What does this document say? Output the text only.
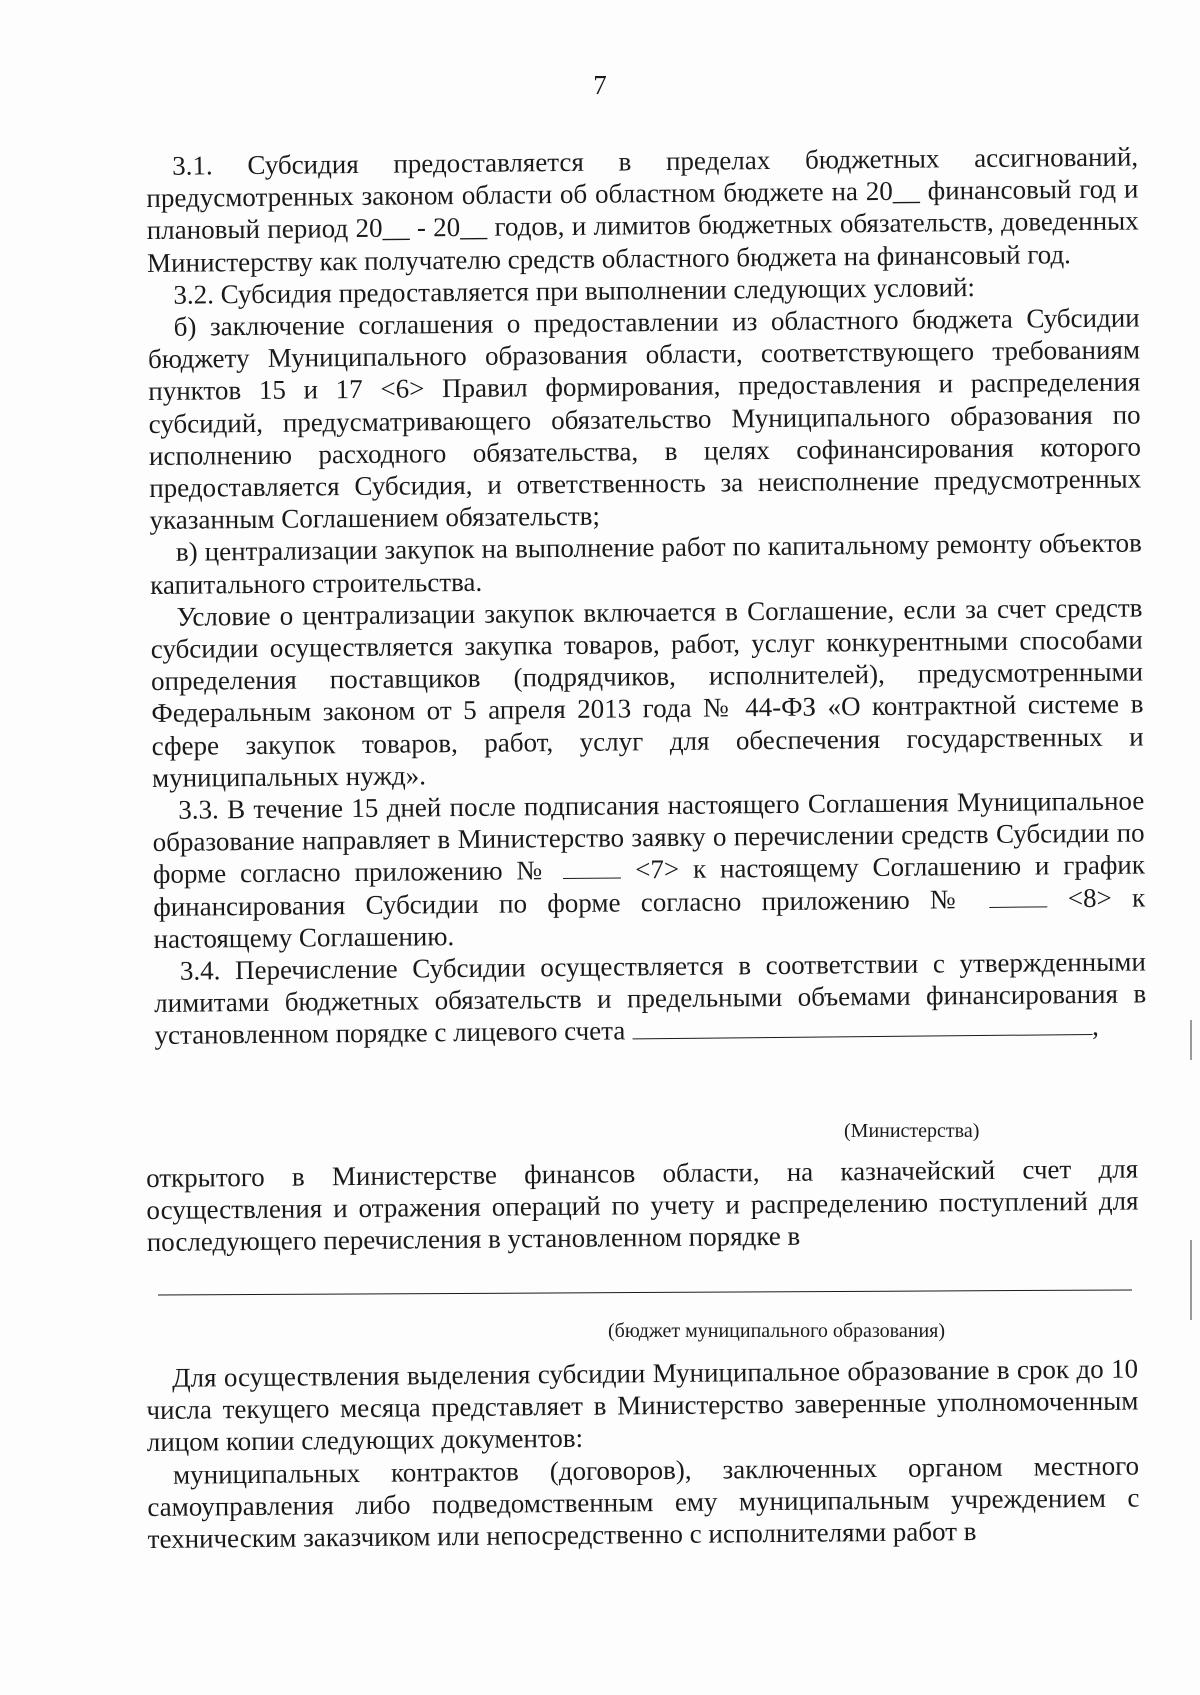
7

3.1. Субсидия предоставляется в пределах бюджетных ассигнований, предусмотренных законом области об областном бюджете на 20__ финансовый год и плановый период 20__ - 20__ годов, и лимитов бюджетных обязательств, доведенных Министерству как получателю средств областного бюджета на финансовый год.

3.2. Субсидия предоставляется при выполнении следующих условий:

б) заключение соглашения о предоставлении из областного бюджета Субсидии бюджету Муниципального образования области, соответствующего требованиям пунктов 15 и 17 <6> Правил формирования, предоставления и распределения субсидий, предусматривающего обязательство Муниципального образования по исполнению расходного обязательства, в целях софинансирования которого предоставляется Субсидия, и ответственность за неисполнение предусмотренных указанным Соглашением обязательств;

в) централизации закупок на выполнение работ по капитальному ремонту объектов капитального строительства.

Условие о централизации закупок включается в Соглашение, если за счет средств субсидии осуществляется закупка товаров, работ, услуг конкурентными способами определения поставщиков (подрядчиков, исполнителей), предусмотренными Федеральным законом от 5 апреля 2013 года № 44-ФЗ «О контрактной системе в сфере закупок товаров, работ, услуг для обеспечения государственных и муниципальных нужд».

3.3. В течение 15 дней после подписания настоящего Соглашения Муниципальное образование направляет в Министерство заявку о перечислении средств Субсидии по форме согласно приложению №	<7> к настоящему Соглашению и график финансирования Субсидии по форме согласно приложению №	<8> к настоящему Соглашению.

3.4. Перечисление Субсидии осуществляется в соответствии с утвержденными лимитами бюджетных обязательств и предельными объемами финансирования в установленном порядке с лицевого счета	,

(Министерства)

открытого в Министерстве финансов области, на казначейский счет для осуществления и отражения операций по учету и распределению поступлений для последующего перечисления в установленном порядке в

(бюджет муниципального образования)

Для осуществления выделения субсидии Муниципальное образование в срок до 10 числа текущего месяца представляет в Министерство заверенные уполномоченным лицом копии следующих документов:

муниципальных контрактов (договоров), заключенных органом местного самоуправления либо подведомственным ему муниципальным учреждением с техническим заказчиком или непосредственно с исполнителями работ в
